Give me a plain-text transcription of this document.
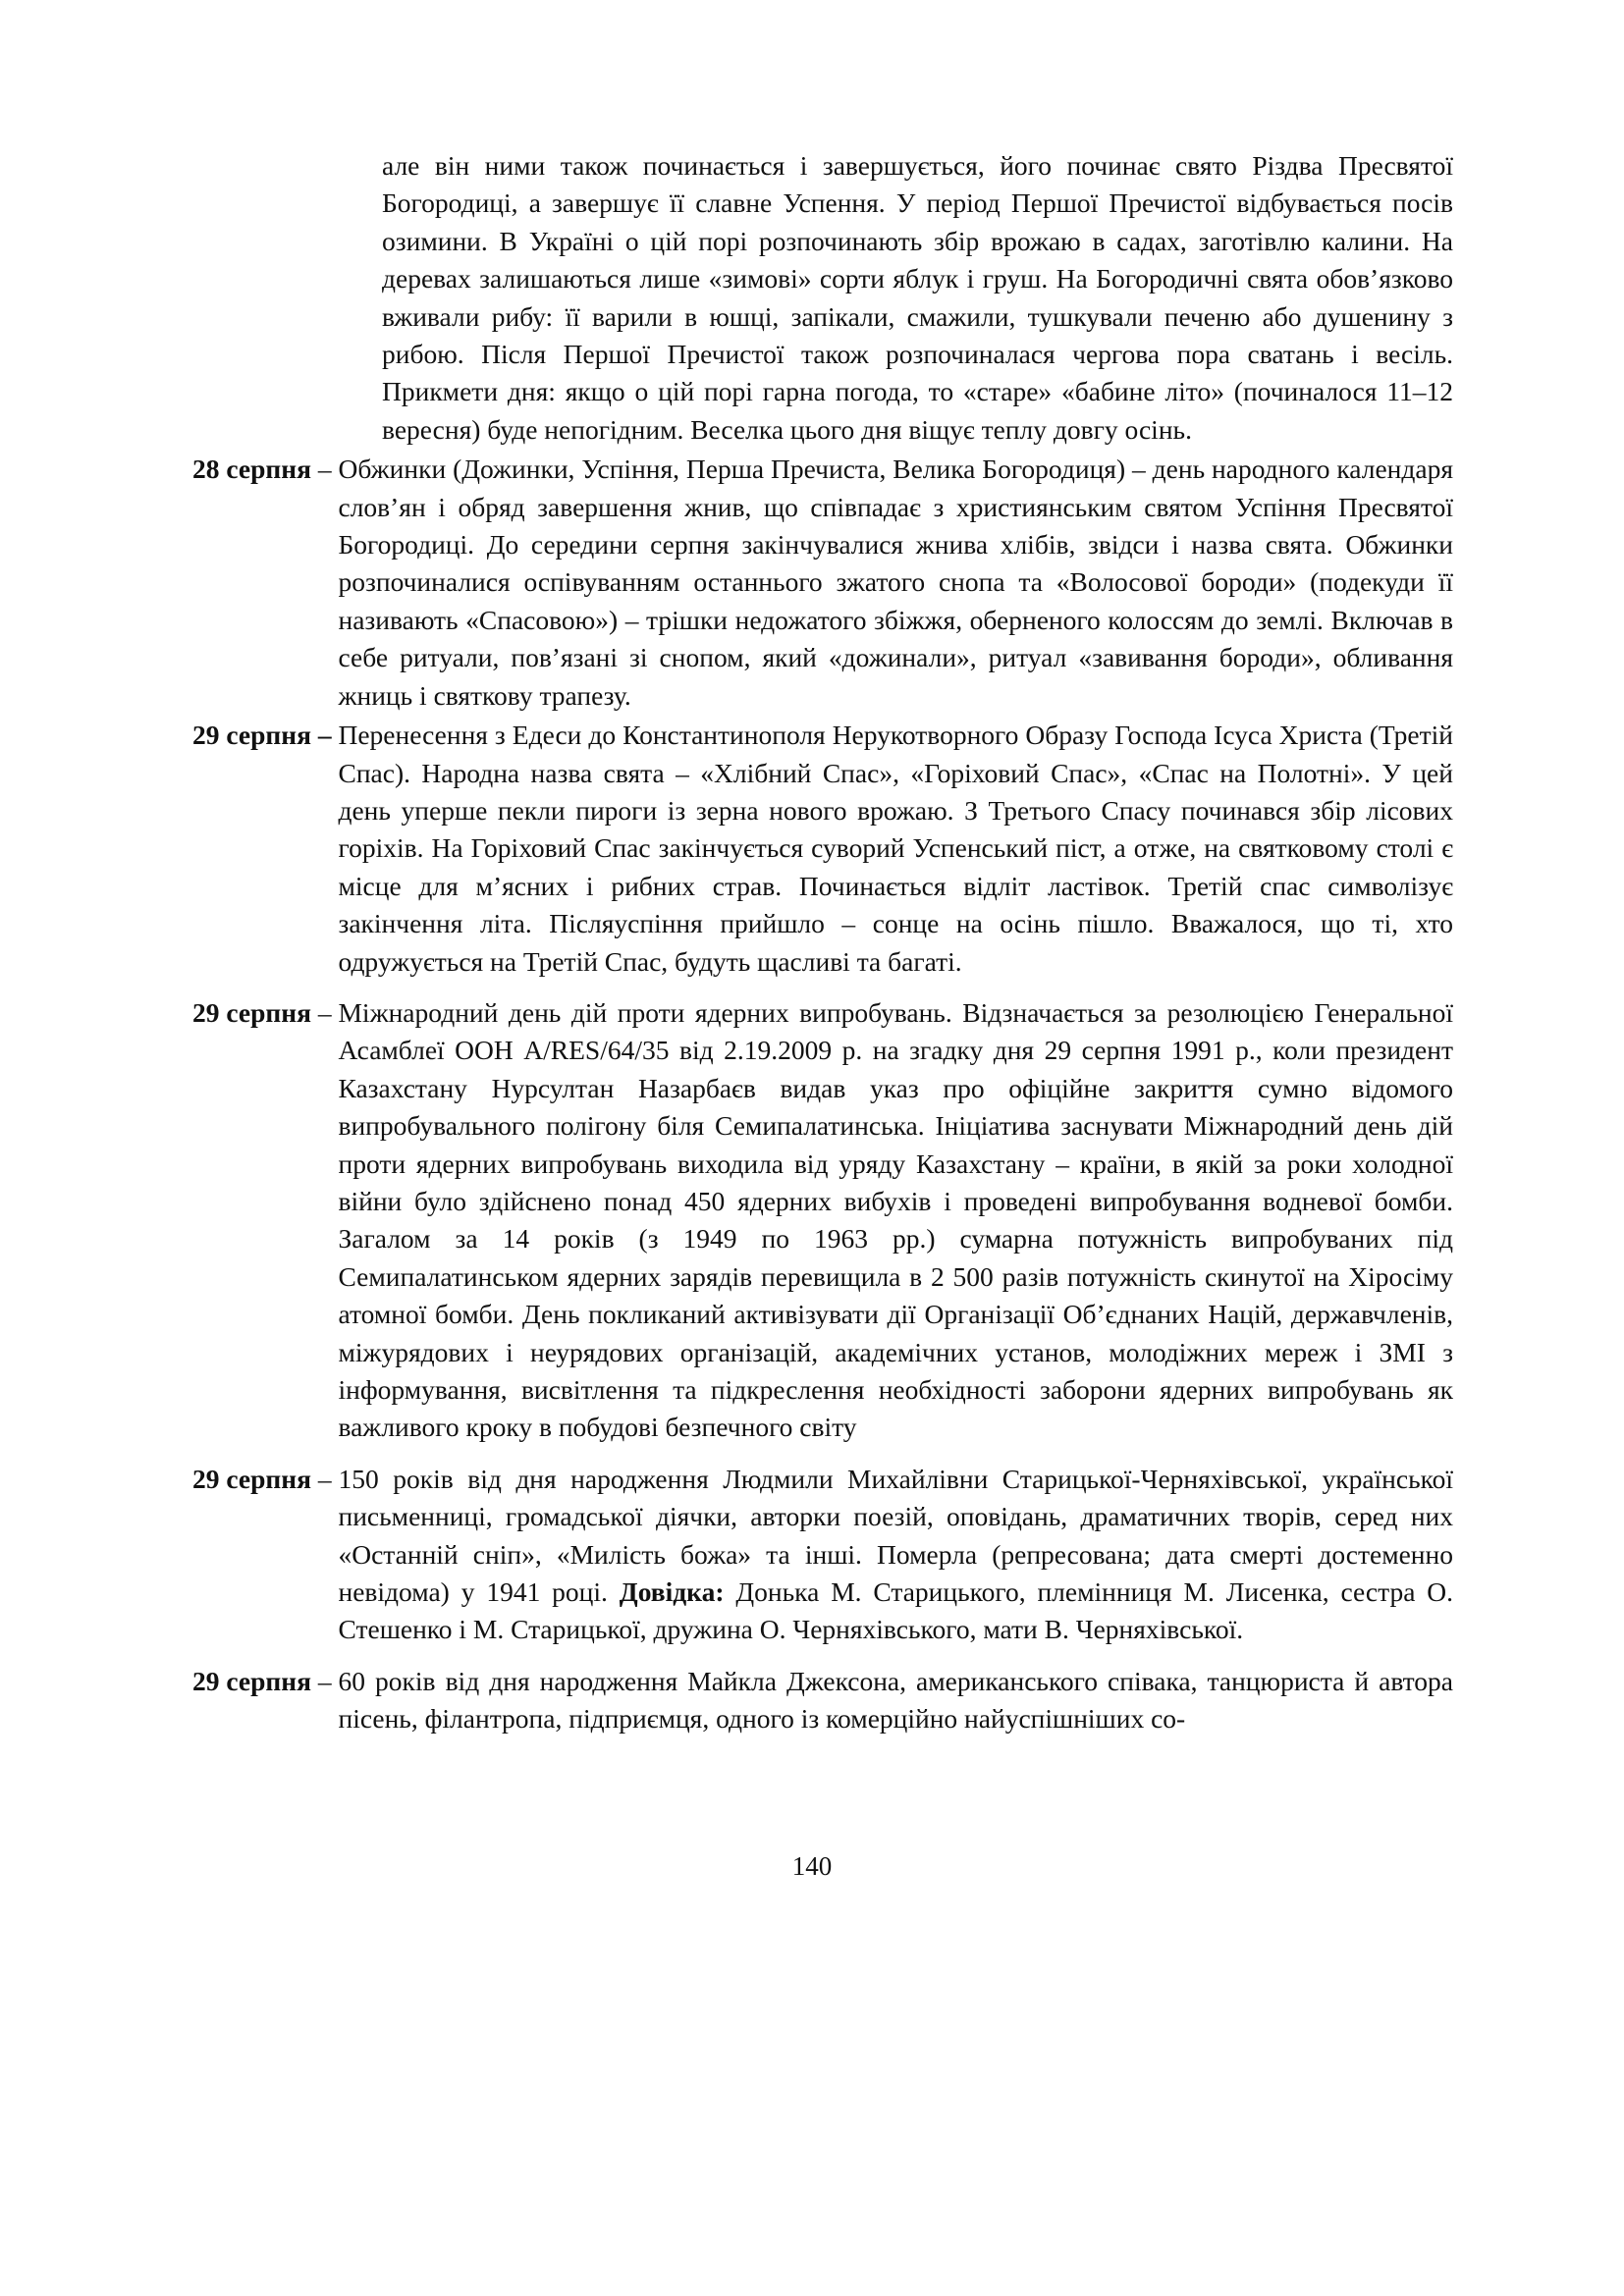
але він ними також починається і завершується, його починає свято Різдва Пресвятої Богородиці, а завершує її славне Успення. У період Першої Пречистої відбувається посів озимини. В Україні о цій порі розпочинають збір врожаю в садах, заготівлю калини. На деревах залишаються лише «зимові» сорти яблук і груш. На Богородичні свята обов’язково вживали рибу: її варили в юшці, запікали, смажили, тушкували печеню або душенину з рибою. Після Першої Пречистої також розпочиналася чергова пора сватань і весіль. Прикмети дня: якщо о цій порі гарна погода, то «старе» «бабине літо» (починалося 11–12 вересня) буде непогідним. Веселка цього дня віщує теплу довгу осінь.
28 серпня – Обжинки (Дожинки, Успіння, Перша Пречиста, Велика Богородиця) – день народного календаря слов’ян і обряд завершення жнив, що співпадає з християнським святом Успіння Пресвятої Богородиці. До середини серпня закінчувалися жнива хлібів, звідси і назва свята. Обжинки розпочиналися оспівуванням останнього зжатого снопа та «Волосової бороди» (подекуди її називають «Спасовою») – трішки недожатого збіжжя, оберненого колоссям до землі. Включав в себе ритуали, пов’язані зі снопом, який «дожинали», ритуал «завивання бороди», обливання жниць і святкову трапезу.
29 серпня – Перенесення з Едеси до Константинополя Нерукотворного Образу Господа Ісуса Христа (Третій Спас). Народна назва свята – «Хлібний Спас», «Горіховий Спас», «Спас на Полотні». У цей день уперше пекли пироги із зерна нового врожаю. З Третього Спасу починався збір лісових горіхів. На Горіховий Спас закінчується суворий Успенський піст, а отже, на святковому столі є місце для м’ясних і рибних страв. Починається відліт ластівок. Третій спас символізує закінчення літа. Післяуспіння прийшло – сонце на осінь пішло. Вважалося, що ті, хто одружується на Третій Спас, будуть щасливі та багаті.
29 серпня – Міжнародний день дій проти ядерних випробувань. Відзначається за резолюцією Генеральної Асамблеї ООН A/RES/64/35 від 2.19.2009 р. на згадку дня 29 серпня 1991 р., коли президент Казахстану Нурсултан Назарбаєв видав указ про офіційне закриття сумно відомого випробувального полігону біля Семипалатинська. Ініціатива заснувати Міжнародний день дій проти ядерних випробувань виходила від уряду Казахстану – країни, в якій за роки холодної війни було здійснено понад 450 ядерних вибухів і проведені випробування водневої бомби. Загалом за 14 років (з 1949 по 1963 рр.) сумарна потужність випробуваних під Семипалатинськом ядерних зарядів перевищила в 2 500 разів потужність скинутої на Хіросіму атомної бомби. День покликаний активізувати дії Організації Об’єднаних Націй, державчленів, міжурядових і неурядових організацій, академічних установ, молодіжних мереж і ЗМІ з інформування, висвітлення та підкреслення необхідності заборони ядерних випробувань як важливого кроку в побудові безпечного світу
29 серпня – 150 років від дня народження Людмили Михайлівни Старицької-Черняхівської, української письменниці, громадської діячки, авторки поезій, оповідань, драматичних творів, серед них «Останній сніп», «Милість божа» та інші. Померла (репресована; дата смерті достеменно невідома) у 1941 році. Довідка: Донька М. Старицького, племінниця М. Лисенка, сестра О. Стешенко і М. Старицької, дружина О. Черняхівського, мати В. Черняхівської.
29 серпня – 60 років від дня народження Майкла Джексона, американського співака, танцюриста й автора пісень, філантропа, підприємця, одного із комерційно найуспішніших со-
140
